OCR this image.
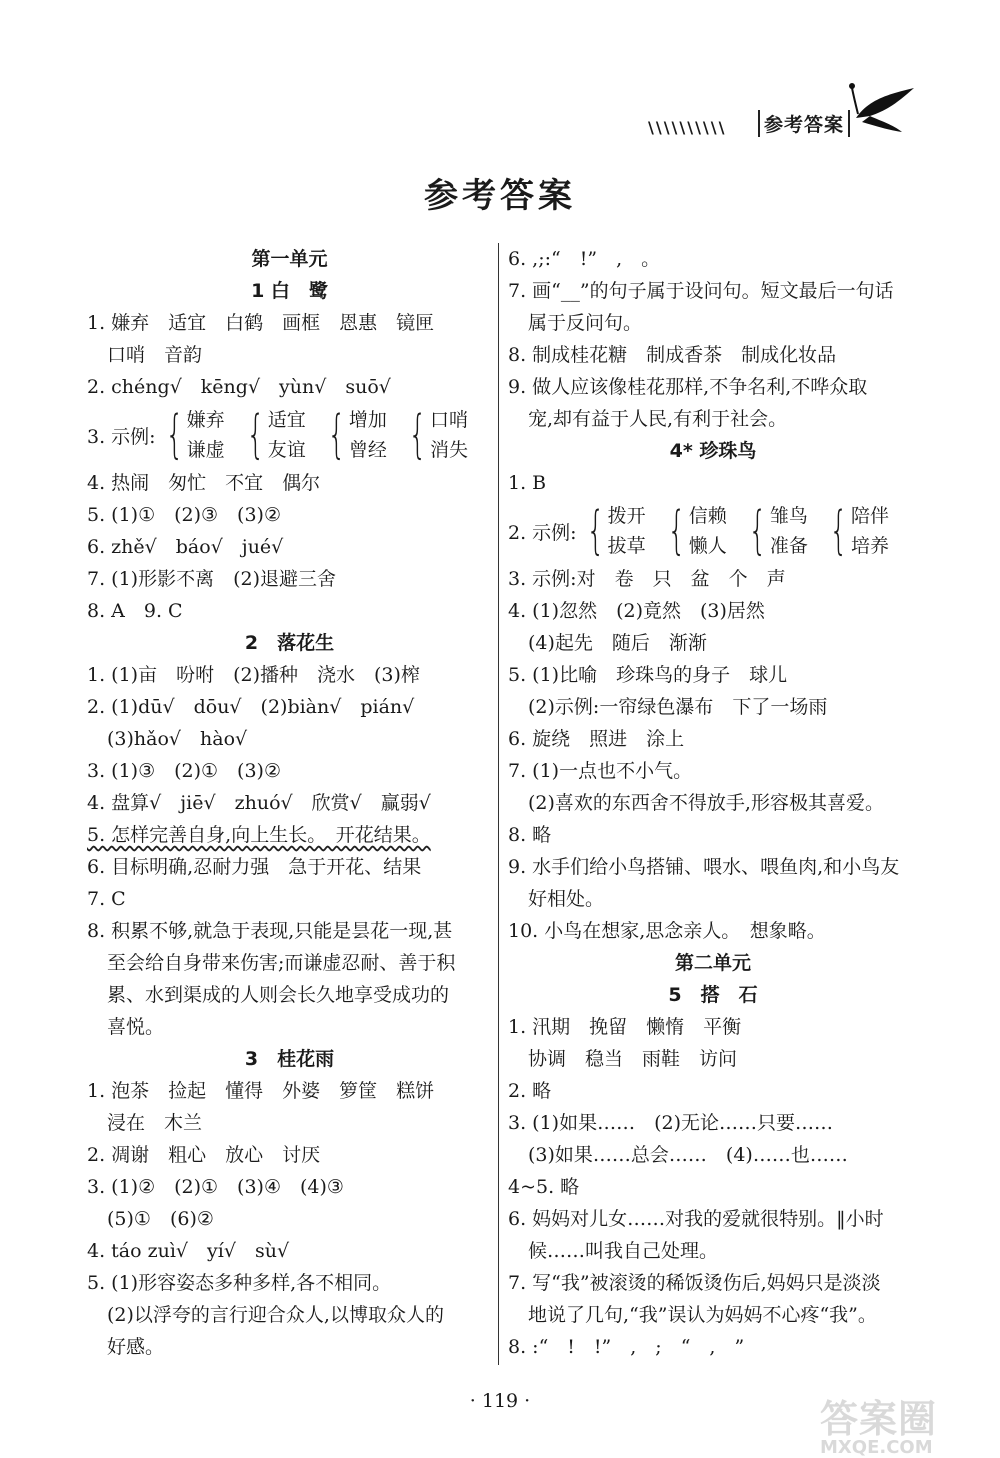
\\\\\\\\\\	参考答案
参考答案
第一单元
1 白　鹭
1. 嫌弃　适宜　白鹤　画框　恩惠　镜匣
口哨　音韵
2. chéng√　kēng√　yùn√　suō√
3. 示例: { 嫌弃
谦虚 { 适宜
友谊 { 增加
曾经 { 口哨
消失
4. 热闹　匆忙　不宜　偶尔
5. (1)①　(2)③　(3)②
6. zhě√　báo√　jué√
7. (1)形影不离　(2)退避三舍
8. A　9. C
2　落花生
1. (1)亩　吩咐　(2)播种　浇水　(3)榨
2. (1)dū√　dōu√　(2)biàn√　pián√
(3)hǎo√　hào√
3. (1)③　(2)①　(3)②
4. 盘算√　jiē√　zhuó√　欣赏√　赢弱√
5. 怎样完善自身,向上生长。　开花结果。
6. 目标明确,忍耐力强　急于开花、结果
7. C
8. 积累不够,就急于表现,只能是昙花一现,甚
至会给自身带来伤害;而谦虚忍耐、善于积
累、水到渠成的人则会长久地享受成功的
喜悦。
3　桂花雨
1. 泡茶　捡起　懂得　外婆　箩筐　糕饼
浸在　木兰
2. 凋谢　粗心　放心　讨厌
3. (1)②　(2)①　(3)④　(4)③
(5)①　(6)②
4. táo zuì√　yí√　sù√
5. (1)形容姿态多种多样,各不相同。
(2)以浮夸的言行迎合众人,以博取众人的
好感。
6. ,;:“　!”　,　。
7. 画“__”的句子属于设问句。短文最后一句话
属于反问句。
8. 制成桂花糖　制成香茶　制成化妆品
9. 做人应该像桂花那样,不争名利,不哗众取
宠,却有益于人民,有利于社会。
4* 珍珠鸟
1. B
2. 示例: { 拨开
拔草 { 信赖
懒人 { 雏鸟
准备 { 陪伴
培养
3. 示例:对　卷　只　盆　个　声
4. (1)忽然　(2)竟然　(3)居然
(4)起先　随后　渐渐
5. (1)比喻　珍珠鸟的身子　球儿
(2)示例:一帘绿色瀑布　下了一场雨
6. 旋绕　照进　涂上
7. (1)一点也不小气。
(2)喜欢的东西舍不得放手,形容极其喜爱。
8. 略
9. 水手们给小鸟搭铺、喂水、喂鱼肉,和小鸟友
好相处。
10. 小鸟在想家,思念亲人。　想象略。
第二单元
5　搭　石
1. 汛期　挽留　懒惰　平衡
协调　稳当　雨鞋　访问
2. 略
3. (1)如果……　(2)无论……只要……
(3)如果……总会……　(4)……也……
4~5. 略
6. 妈妈对儿女……对我的爱就很特别。‖小时
候……叫我自己处理。
7. 写“我”被滚烫的稀饭烫伤后,妈妈只是淡淡
地说了几句,“我”误认为妈妈不心疼“我”。
8. :“　!　!”　,　;　“　,　”
· 119 ·	答案圈
MXQE.COM
